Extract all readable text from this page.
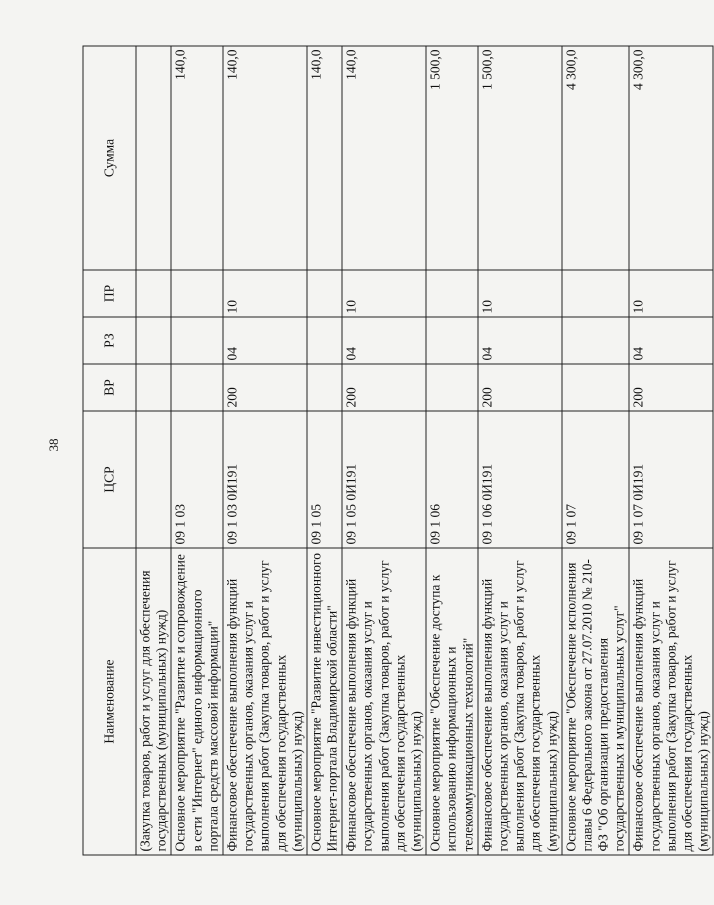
38
Наименование	ЦСР	ВР	РЗ	ПР	Сумма
(Закупка товаров, работ и услуг для обеспечения государственных (муниципальных) нужд)					
Основное мероприятие "Развитие и сопровождение в сети "Интернет" единого информационного портала средств массовой информации"	09 1 03				140,0
Финансовое обеспечение выполнения функций государственных органов, оказания услуг и выполнения работ (Закупка товаров, работ и услуг для обеспечения государственных (муниципальных) нужд)	09 1 03 0И191	200	04	10	140,0
Основное мероприятие "Развитие инвестиционного Интернет-портала Владимирской области"	09 1 05				140,0
Финансовое обеспечение выполнения функций государственных органов, оказания услуг и выполнения работ (Закупка товаров, работ и услуг для обеспечения государственных (муниципальных) нужд)	09 1 05 0И191	200	04	10	140,0
Основное мероприятие "Обеспечение доступа к использованию информационных и телекоммуникационных технологий"	09 1 06				1 500,0
Финансовое обеспечение выполнения функций государственных органов, оказания услуг и выполнения работ (Закупка товаров, работ и услуг для обеспечения государственных (муниципальных) нужд)	09 1 06 0И191	200	04	10	1 500,0
Основное мероприятие "Обеспечение исполнения главы 6 Федерального закона от 27.07.2010 № 210-ФЗ "Об организации предоставления государственных и муниципальных услуг"	09 1 07				4 300,0
Финансовое обеспечение выполнения функций государственных органов, оказания услуг и выполнения работ (Закупка товаров, работ и услуг для обеспечения государственных (муниципальных) нужд)	09 1 07 0И191	200	04	10	4 300,0
